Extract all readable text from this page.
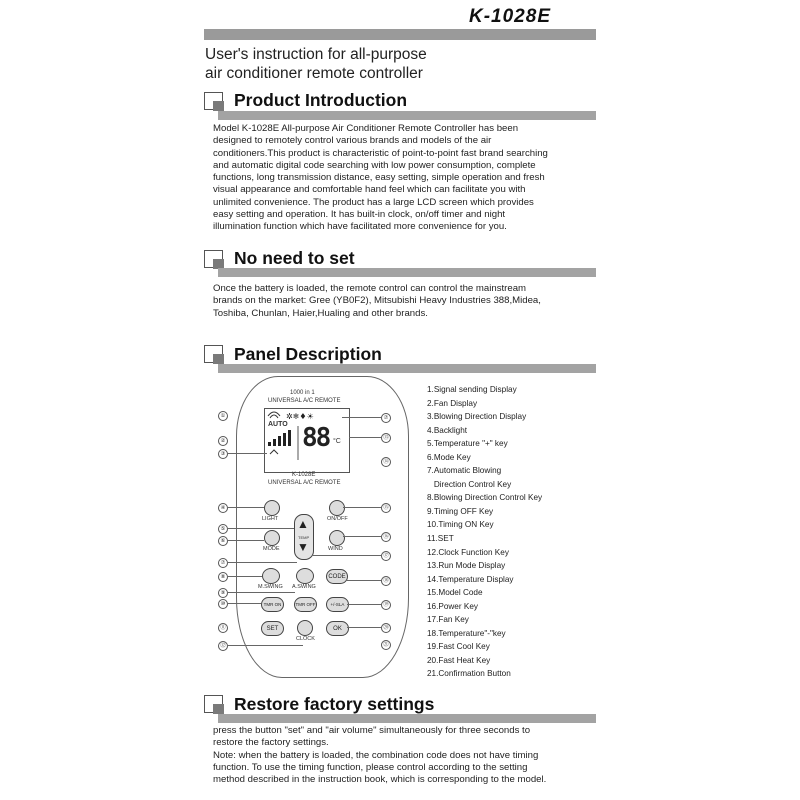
K-1028E
User's instruction for all-purpose
air conditioner remote controller
Product Introduction
Model K-1028E All-purpose Air Conditioner Remote Controller has been
designed to remotely control various brands and models of the air
conditioners.This product is characteristic of point-to-point fast brand searching
and automatic digital code searching with low power consumption, complete
functions, long transmission distance, easy setting, simple operation and fresh
visual appearance and comfortable hand feel which can facilitate you with
unlimited convenience. The product has a large LCD screen which provides
easy setting and operation. It has built-in clock, on/off timer and night
illumination function which have facilitated more convenience for you.
No need to set
Once the battery is loaded, the remote control can control the mainstream
brands on the market: Gree (YB0F2), Mitsubishi Heavy Industries 388,Midea,
Toshiba, Chunlan, Haier,Hualing and other brands.
Panel Description
1000 in 1
UNIVERSAL A/C REMOTE
✲❄♦☀
AUTO 88 °C
K-1028E
UNIVERSAL A/C REMOTE
LIGHT	ON/OFF
▲
▼
TEMP
MODE	WIND
M.SWING A.SWING
CODE
TMR ON	TMR OFF	+/-SLA
SET
CLOCK
OK
①
②
③
④
⑤
⑥
⑦
⑧
⑨
⑩
⑪
⑫
⑦
⑬
⑭
⑮
⑯
⑰
⑱
⑲
⑳
㉑
1.Signal sending Display
2.Fan Display
3.Blowing Direction Display
4.Backlight
5.Temperature "+" key
6.Mode Key
7.Automatic Blowing
Direction Control Key
8.Blowing Direction Control Key
9.Timing OFF Key
10.Timing ON Key
11.SET
12.Clock Function Key
13.Run Mode Display
14.Temperature Display
15.Model Code
16.Power Key
17.Fan Key
18.Temperature"-"key
19.Fast Cool Key
20.Fast Heat Key
21.Confirmation Button
Restore factory settings
press the button "set" and "air volume" simultaneously for three seconds to
restore the factory settings.
Note: when the battery is loaded, the combination code does not have timing
function. To use the timing function, please control according to the setting
method described in the instruction book, which is corresponding to the model.
